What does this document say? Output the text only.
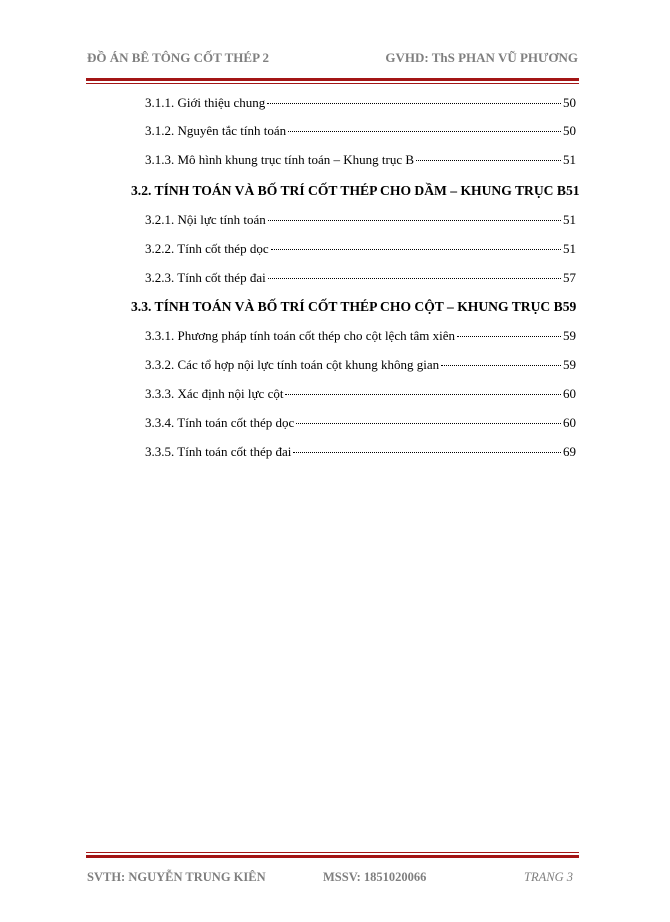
ĐỒ ÁN BÊ TÔNG CỐT THÉP 2	GVHD: ThS PHAN VŨ PHƯƠNG
3.1.1. Giới thiệu chung	50
3.1.2. Nguyên tắc tính toán	50
3.1.3. Mô hình khung trục tính toán – Khung trục B	51
3.2. TÍNH TOÁN VÀ BỐ TRÍ CỐT THÉP CHO DẦM – KHUNG TRỤC B 51
3.2.1. Nội lực tính toán	51
3.2.2. Tính cốt thép dọc	51
3.2.3. Tính cốt thép đai	57
3.3. TÍNH TOÁN VÀ BỐ TRÍ CỐT THÉP CHO CỘT – KHUNG TRỤC B 59
3.3.1. Phương pháp tính toán cốt thép cho cột lệch tâm xiên	59
3.3.2. Các tổ hợp nội lực tính toán cột khung không gian	59
3.3.3. Xác định nội lực cột	60
3.3.4. Tính toán cốt thép dọc	60
3.3.5. Tính toán cốt thép đai	69
SVTH: NGUYỄN TRUNG KIÊN	MSSV: 1851020066	TRANG 3
